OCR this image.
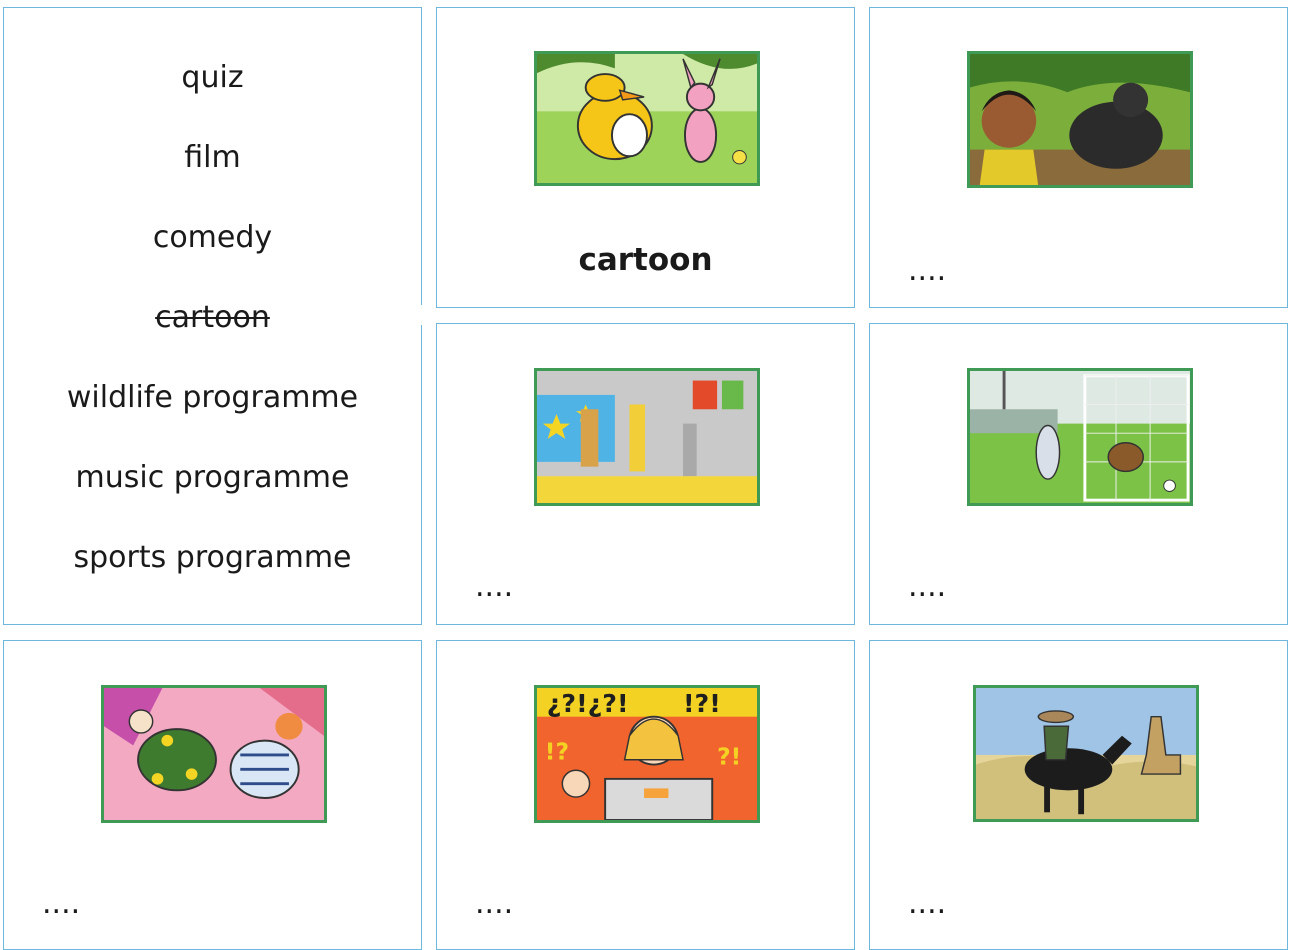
quiz
film
comedy
cartoon
wildlife programme
music programme
sports programme
cartoon	....
....	....
....
¿?!¿?! !?!
!?	?!
....	....
